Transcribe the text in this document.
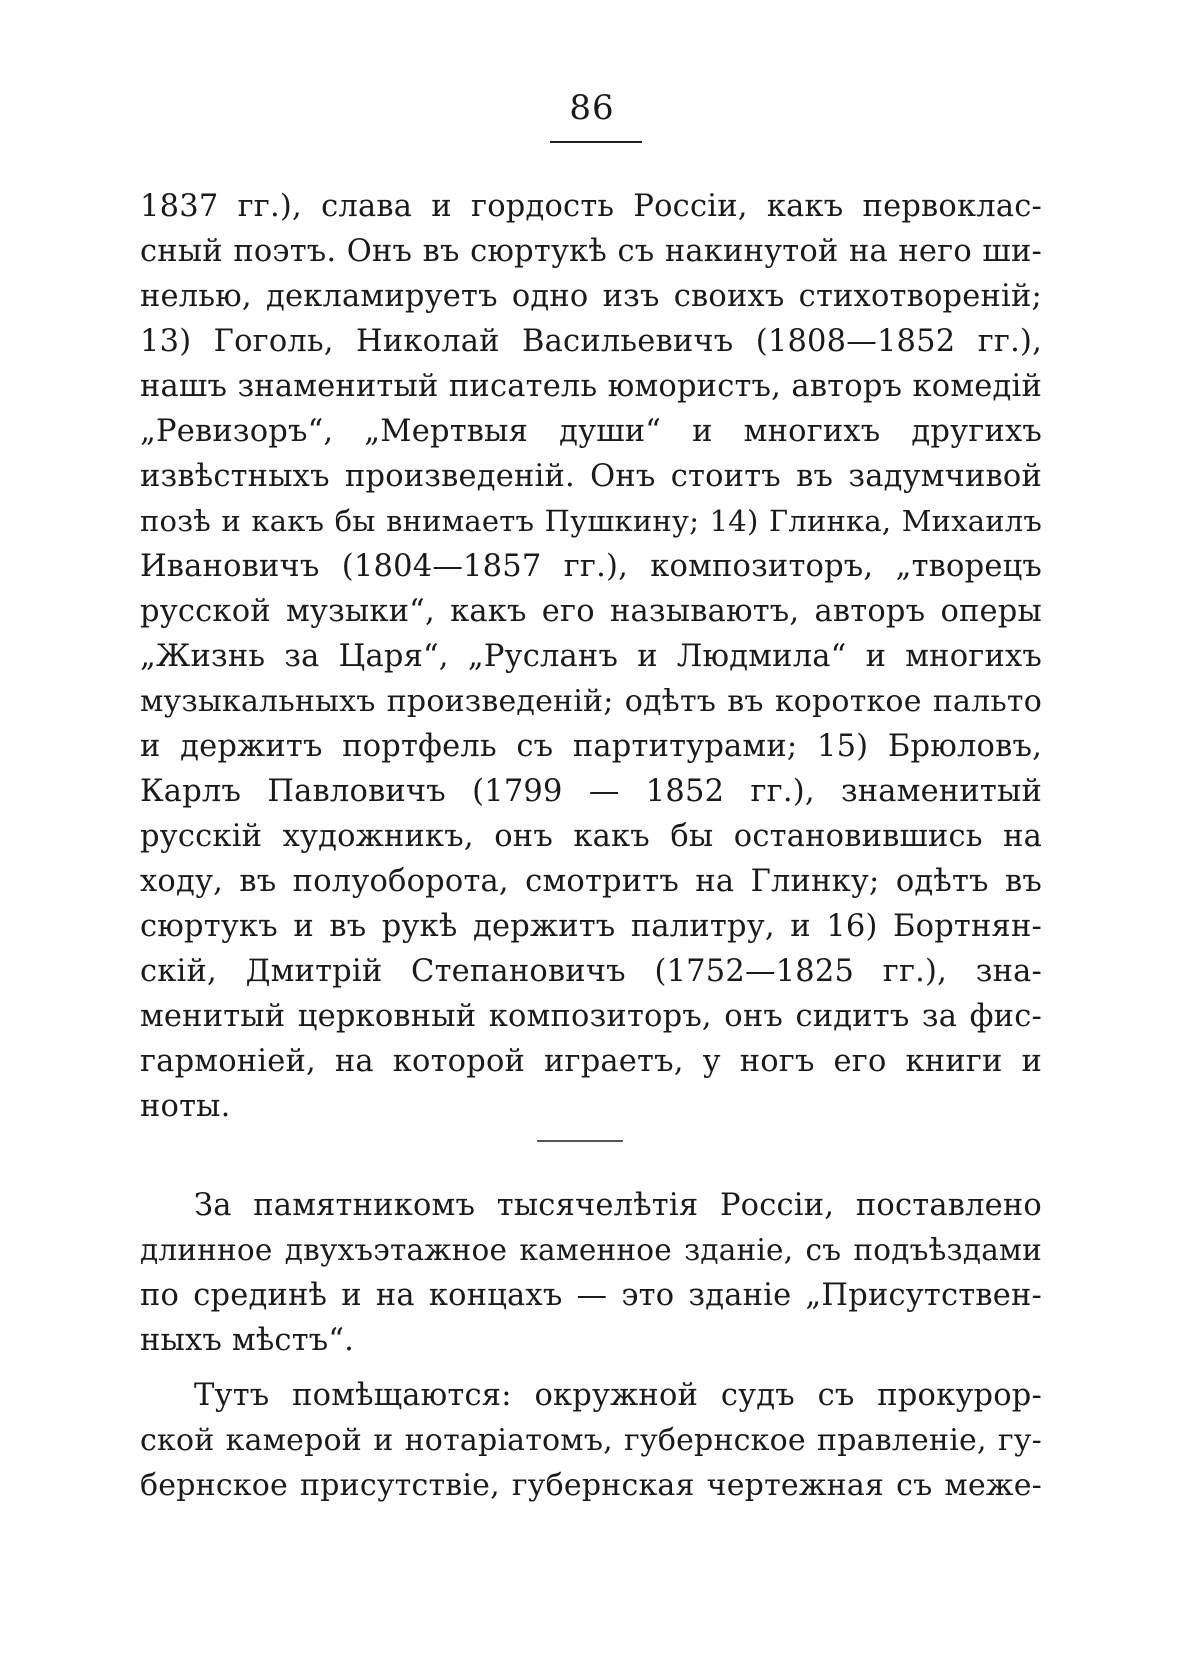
86
1837 гг.), слава и гордость Россіи, какъ первоклас-
сный поэтъ. Онъ въ сюртукѣ съ накинутой на него ши-
нелью, декламируетъ одно изъ своихъ стихотвореній;
13) Гоголь, Николай Васильевичъ (1808—1852 гг.),
нашъ знаменитый писатель юмористъ, авторъ комедій
„Ревизоръ“, „Мертвыя души“ и многихъ другихъ
извѣстныхъ произведеній. Онъ стоитъ въ задумчивой
позѣ и какъ бы внимаетъ Пушкину; 14) Глинка, Михаилъ
Ивановичъ (1804—1857 гг.), композиторъ, „творецъ
русской музыки“, какъ его называютъ, авторъ оперы
„Жизнь за Царя“, „Русланъ и Людмила“ и многихъ
музыкальныхъ произведеній; одѣтъ въ короткое пальто
и держитъ портфель съ партитурами; 15) Брюловъ,
Карлъ Павловичъ (1799 — 1852 гг.), знаменитый
русскій художникъ, онъ какъ бы остановившись на
ходу, въ полуоборота, смотритъ на Глинку; одѣтъ въ
сюртукъ и въ рукѣ держитъ палитру, и 16) Бортнян-
скій, Дмитрій Степановичъ (1752—1825 гг.), зна-
менитый церковный композиторъ, онъ сидитъ за фис-
гармоніей, на которой играетъ, у ногъ его книги и
ноты.
За памятникомъ тысячелѣтія Россіи, поставлено
длинное двухъэтажное каменное зданіе, съ подъѣздами
по срединѣ и на концахъ — это зданіе „Присутствен-
ныхъ мѣстъ“.
Тутъ помѣщаются: окружной судъ съ прокурор-
ской камерой и нотаріатомъ, губернское правленіе, гу-
бернское присутствіе, губернская чертежная съ меже-
